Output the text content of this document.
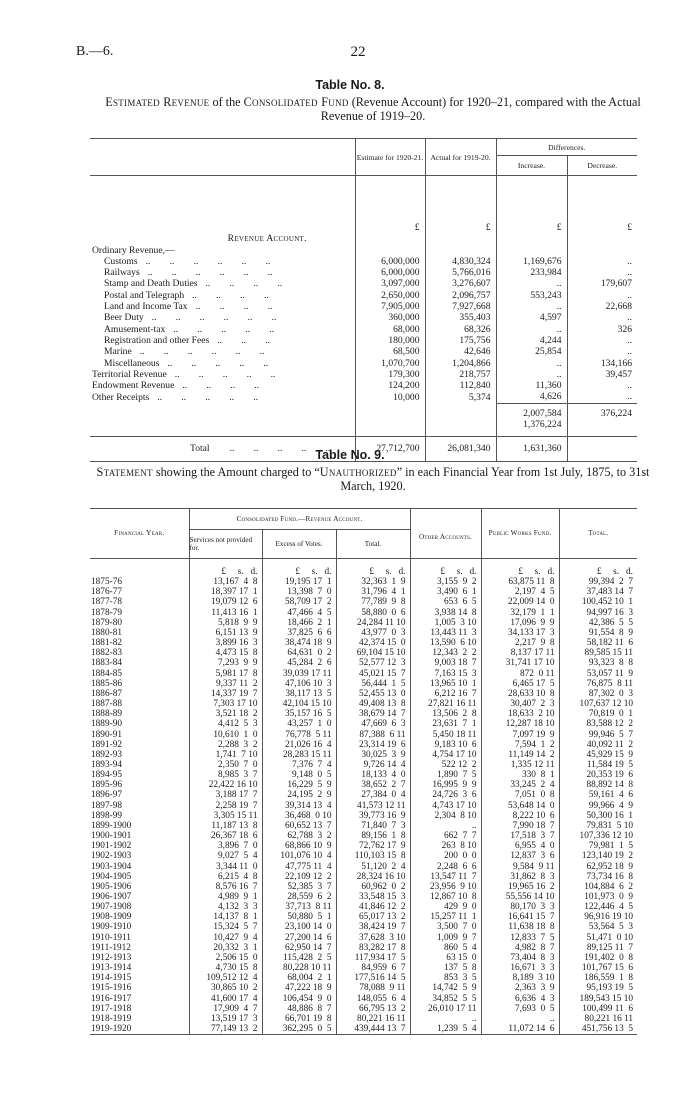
B.—6.	22
Table No. 8.
Estimated Revenue of the Consolidated Fund (Revenue Account) for 1920–21, compared with the Actual Revenue of 1919–20.
	Estimate for 1920-21.	Actual for 1919-20.	Differences.	
			Increase.	Decrease.
	£	£	£	£
Revenue Account.				
Ordinary Revenue,—				
Customs ..        ..        ..        ..        ..        ..	6,000,000	4,830,324	1,169,676	..
Railways ..        ..        ..        ..        ..        ..	6,000,000	5,766,016	233,984	..
Stamp and Death Duties ..        ..        ..        ..	3,097,000	3,276,607	..	179,607
Postal and Telegraph ..        ..        ..        ..	2,650,000	2,096,757	553,243	..
Land and Income Tax ..        ..        ..        ..	7,905,000	7,927,668	..	22,668
Beer Duty ..        ..        ..        ..        ..        ..	360,000	355,403	4,597	..
Amusement-tax ..        ..        ..        ..        ..	68,000	68,326	..	326
Registration and other Fees ..        ..        ..	180,000	175,756	4,244	..
Marine ..        ..        ..        ..        ..        ..	68,500	42,646	25,854	..
Miscellaneous ..        ..        ..        ..        ..	1,070,700	1,204,866	..	134,166
Territorial Revenue ..        ..        ..        ..        ..	179,300	218,757	..	39,457
Endowment Revenue ..        ..        ..        ..	124,200	112,840	11,360	..
Other Receipts ..        ..        ..        ..        ..	10,000	5,374	4,626	..
			2,007,584	376,224
			1,376,224	
Total ..        ..        ..        ..        ..	27,712,700	26,081,340	1,631,360	
Table No. 9.
Statement showing the Amount charged to “Unauthorized” in each Financial Year from 1st July, 1875, to 31st March, 1920.
Financial Year.	Consolidated Fund.—Revenue Account.			Other Accounts.	Public Works Fund.	Total.
	Services not provided for.	Excess of Votes.	Total.			
	£     s.   d.	£     s.   d.	£     s.   d.	£     s.   d.	£     s.   d.	£     s.   d.
1875-76	13,167  4  8	19,195 17  1	32,363  1  9	3,155  9  2	63,875 11  8	99,394  2  7
1876-77	18,397 17  1	13,398  7  0	31,796  4  1	3,490  6  1	2,197  4  5	37,483 14  7
1877-78	19,079 12  6	58,709 17  2	77,789  9  8	653  6  5	22,009 14  0	100,452 10  1
1878-79	11,413 16  1	47,466  4  5	58,880  0  6	3,938 14  8	32,179  1  1	94,997 16  3
1879-80	5,818  9  9	18,466  2  1	24,284 11 10	1,005  3 10	17,096  9  9	42,386  5  5
1880-81	6,151 13  9	37,825  6  6	43,977  0  3	13,443 11  3	34,133 17  3	91,554  8  9
1881-82	3,899 16  3	38,474 18  9	42,374 15  0	13,590  6 10	2,217  9  8	58,182 11  6
1882-83	4,473 15  8	64,631  0  2	69,104 15 10	12,343  2  2	8,137 17 11	89,585 15 11
1883-84	7,293  9  9	45,284  2  6	52,577 12  3	9,003 18  7	31,741 17 10	93,323  8  8
1884-85	5,981 17  8	39,039 17 11	45,021 15  7	7,163 15  3	872  0 11	53,057 11  9
1885-86	9,337 11  2	47,106 10  3	56,444  1  5	13,965 10  1	6,465 17  5	76,875  8 11
1886-87	14,337 19  7	38,117 13  5	52,455 13  0	6,212 16  7	28,633 10  8	87,302  0  3
1887-88	7,303 17 10	42,104 15 10	49,408 13  8	27,821 16 11	30,407  2  3	107,637 12 10
1888-89	3,521 18  2	35,157 16  5	38,679 14  7	13,506  2  8	18,633  2 10	70,819  0  1
1889-90	4,412  5  3	43,257  1  0	47,669  6  3	23,631  7  1	12,287 18 10	83,588 12  2
1890-91	10,610  1  0	76,778  5 11	87,388  6 11	5,450 18 11	7,097 19  9	99,946  5  7
1891-92	2,288  3  2	21,026 16  4	23,314 19  6	9,183 10  6	7,594  1  2	40,092 11  2
1892-93	1,741  7 10	28,283 15 11	30,025  3  9	4,754 17 10	11,149 14  2	45,929 15  9
1893-94	2,350  7  0	7,376  7  4	9,726 14  4	522 12  2	1,335 12 11	11,584 19  5
1894-95	8,985  3  7	9,148  0  5	18,133  4  0	1,890  7  5	330  8  1	20,353 19  6
1895-96	22,422 16 10	16,229  5  9	38,652  2  7	16,995  9  9	33,245  2  4	88,892 14  8
1896-97	3,188 17  7	24,195  2  9	27,384  0  4	24,726  3  6	7,051  0  8	59,161  4  6
1897-98	2,258 19  7	39,314 13  4	41,573 12 11	4,743 17 10	53,648 14  0	99,966  4  9
1898-99	3,305 15 11	36,468  0 10	39,773 16  9	2,304  8 10	8,222 10  6	50,300 16  1
1899-1900	11,187 13  8	60,652 13  7	71,840  7  3	..	7,990 18  7	79,831  5 10
1900-1901	26,367 18  6	62,788  3  2	89,156  1  8	662  7  7	17,518  3  7	107,336 12 10
1901-1902	3,896  7  0	68,866 10  9	72,762 17  9	263  8 10	6,955  4  0	79,981  1  5
1902-1903	9,027  5  4	101,076 10  4	110,103 15  8	200  0  0	12,837  3  6	123,140 19  2
1903-1904	3,344 11  0	47,775 11  4	51,120  2  4	2,248  6  6	9,584  9 11	62,952 18  9
1904-1905	6,215  4  8	22,109 12  2	28,324 16 10	13,547 11  7	31,862  8  3	73,734 16  8
1905-1906	8,576 16  7	52,385  3  7	60,962  0  2	23,956  9 10	19,965 16  2	104,884  6  2
1906-1907	4,989  9  1	28,559  6  2	33,548 15  3	12,867 10  8	55,556 14 10	101,973  0  9
1907-1908	4,132  3  3	37,713  8 11	41,846 12  2	429  9  0	80,170  3  3	122,446  4  5
1908-1909	14,137  8  1	50,880  5  1	65,017 13  2	15,257 11  1	16,641 15  7	96,916 19 10
1909-1910	15,324  5  7	23,100 14  0	38,424 19  7	3,500  7  0	11,638 18  8	53,564  5  3
1910-1911	10,427  9  4	27,200 14  6	37,628  3 10	1,009  9  7	12,833  7  5	51,471  0 10
1911-1912	20,332  3  1	62,950 14  7	83,282 17  8	860  5  4	4,982  8  7	89,125 11  7
1912-1913	2,506 15  0	115,428  2  5	117,934 17  5	63 15  0	73,404  8  3	191,402  0  8
1913-1914	4,730 15  8	80,228 10 11	84,959  6  7	137  5  8	16,671  3  3	101,767 15  6
1914-1915	109,512 12  4	68,004  2  1	177,516 14  5	853  3  5	8,189  3 10	186,559  1  8
1915-1916	30,865 10  2	47,222 18  9	78,088  9 11	14,742  5  9	2,363  3  9	95,193 19  5
1916-1917	41,600 17  4	106,454  9  0	148,055  6  4	34,852  5  5	6,636  4  3	189,543 15 10
1917-1918	17,909  4  7	48,886  8  7	66,795 13  2	26,010 17 11	7,693  0  5	100,499 11  6
1918-1919	13,519 17  3	66,701 19  8	80,221 16 11	..	..	80,221 16 11
1919-1920	77,149 13  2	362,295  0  5	439,444 13  7	1,239  5  4	11,072 14  6	451,756 13  5
